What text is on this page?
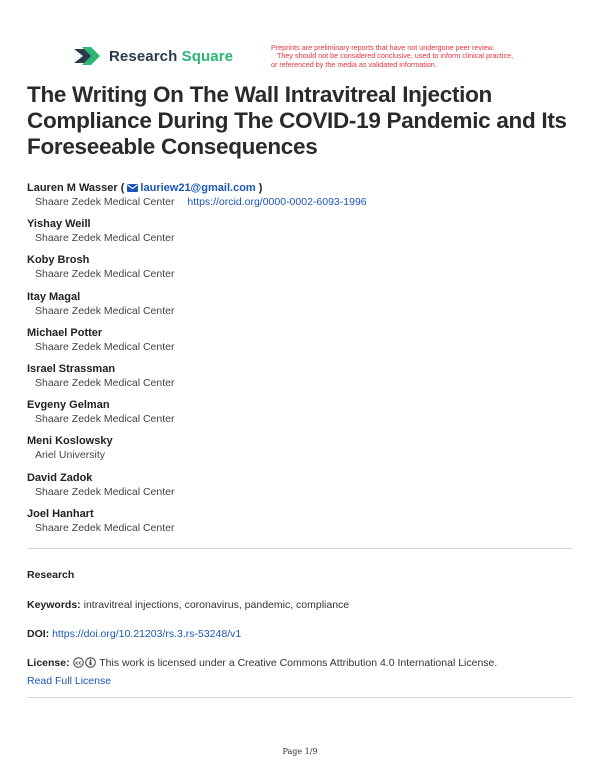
Research Square	Preprints are preliminary reports that have not undergone peer review.
They should not be considered conclusive, used to inform clinical practice,
or referenced by the media as validated information.
The Writing On The Wall Intravitreal Injection Compliance During The COVID-19 Pandemic and Its Foreseeable Consequences
Lauren M Wasser ( lauriew21@gmail.com )
Shaare Zedek Medical Center https://orcid.org/0000-0002-6093-1996
Yishay Weill
Shaare Zedek Medical Center
Koby Brosh
Shaare Zedek Medical Center
Itay Magal
Shaare Zedek Medical Center
Michael Potter
Shaare Zedek Medical Center
Israel Strassman
Shaare Zedek Medical Center
Evgeny Gelman
Shaare Zedek Medical Center
Meni Koslowsky
Ariel University
David Zadok
Shaare Zedek Medical Center
Joel Hanhart
Shaare Zedek Medical Center
Research
Keywords: intravitreal injections, coronavirus, pandemic, compliance
DOI: https://doi.org/10.21203/rs.3.rs-53248/v1
License: cc This work is licensed under a Creative Commons Attribution 4.0 International License.
Read Full License
Page 1/9
